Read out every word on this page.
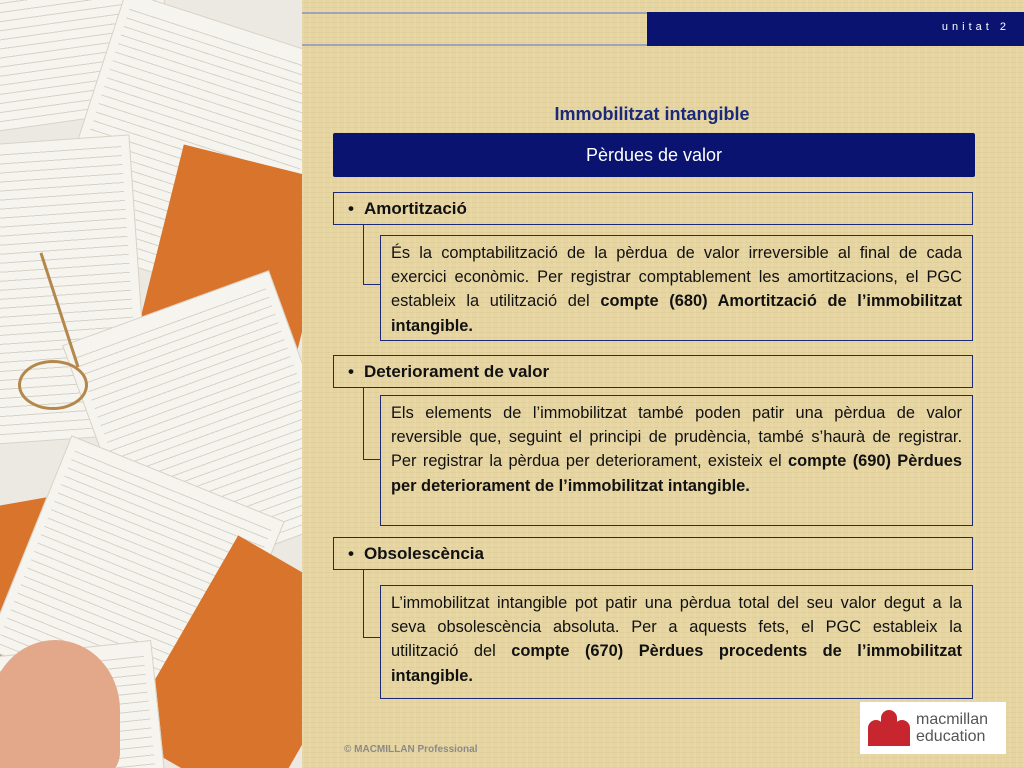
unitat 2
Immobilitzat intangible
Pèrdues de valor
• Amortització
És la comptabilització de la pèrdua de valor irreversible al final de cada exercici econòmic. Per registrar comptablement les amortitzacions, el PGC estableix la utilització del compte (680) Amortització de l’immobilitzat intangible.
• Deteriorament de valor
Els elements de l’immobilitzat també poden patir una pèrdua de valor reversible que, seguint el principi de prudència, també s’haurà de registrar. Per registrar la pèrdua per deteriorament, existeix el compte (690) Pèrdues per deteriorament de l’immobilitzat intangible.
• Obsolescència
L’immobilitzat intangible pot patir una pèrdua total del seu valor degut a la seva obsolescència absoluta. Per a aquests fets, el PGC estableix la utilització del compte (670) Pèrdues procedents de l’immobilitzat intangible.
© MACMILLAN Professional
macmillan
education
